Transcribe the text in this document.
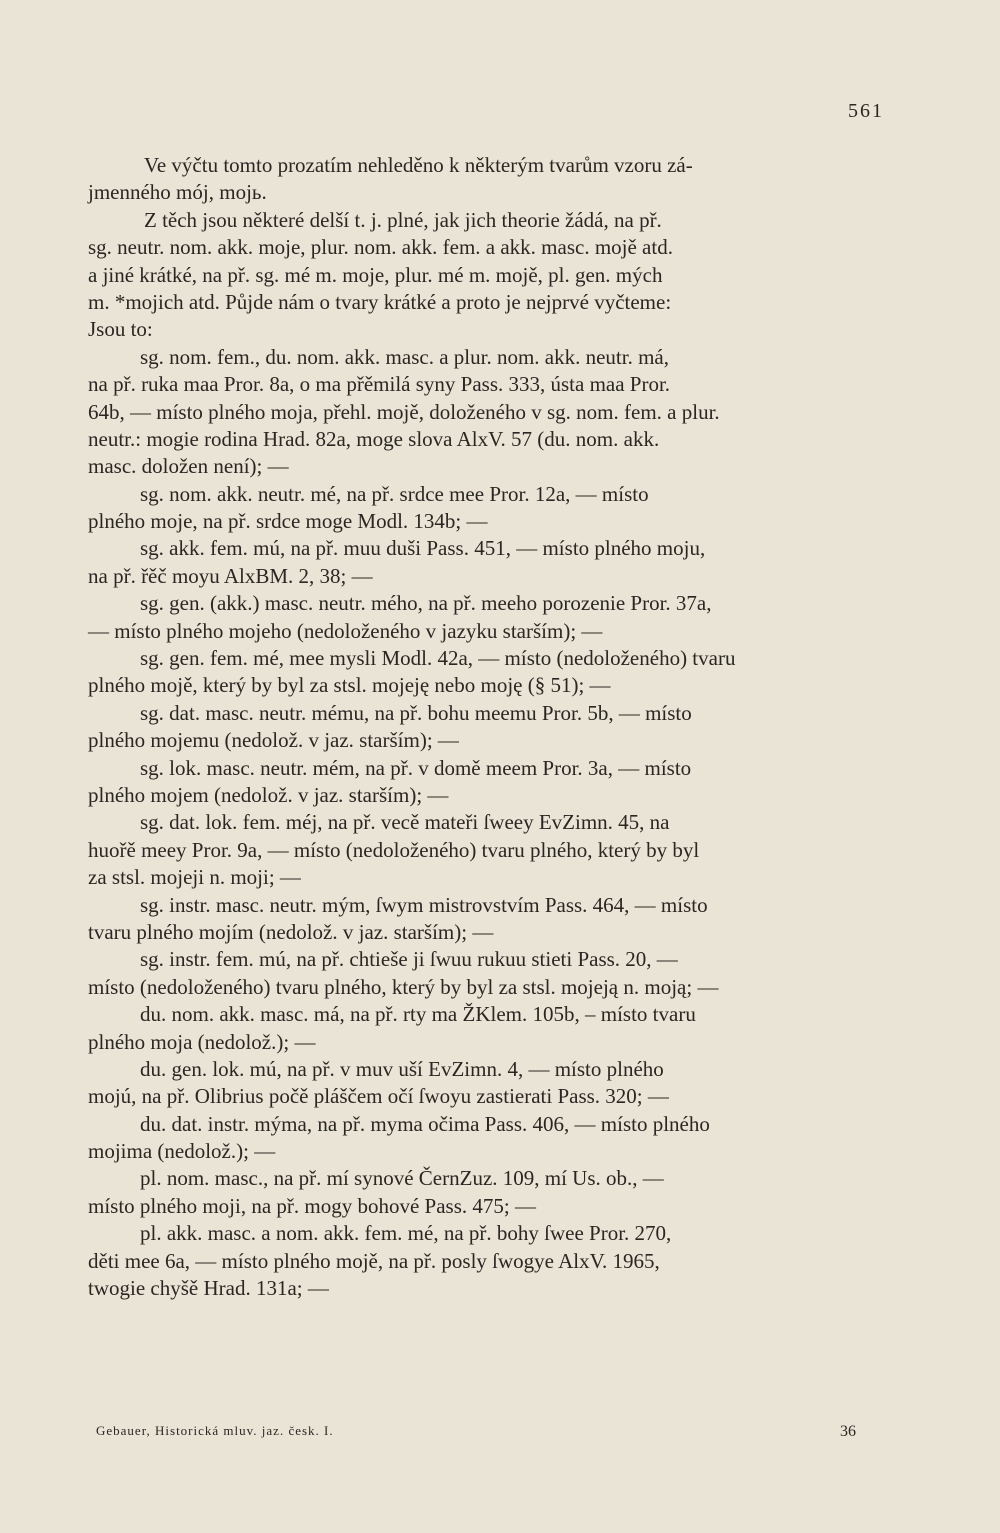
561
Ve výčtu tomto prozatím nehleděno k některým tvarům vzoru zá-
jmenného mój, mojь.
Z těch jsou některé delší t. j. plné, jak jich theorie žádá, na př.
sg. neutr. nom. akk. moje, plur. nom. akk. fem. a akk. masc. mojě atd.
a jiné krátké, na př. sg. mé m. moje, plur. mé m. mojě, pl. gen. mých
m. *mojich atd. Půjde nám o tvary krátké a proto je nejprvé vyčteme:
Jsou to:
sg. nom. fem., du. nom. akk. masc. a plur. nom. akk. neutr. má,
na př. ruka maa Pror. 8a, o ma přěmilá syny Pass. 333, ústa maa Pror.
64b, — místo plného moja, přehl. mojě, doloženého v sg. nom. fem. a plur.
neutr.: mogie rodina Hrad. 82a, moge slova AlxV. 57 (du. nom. akk.
masc. doložen není); —
sg. nom. akk. neutr. mé, na př. srdce mee Pror. 12a, — místo
plného moje, na př. srdce moge Modl. 134b; —
sg. akk. fem. mú, na př. muu duši Pass. 451, — místo plného moju,
na př. řěč moyu AlxBM. 2, 38; —
sg. gen. (akk.) masc. neutr. mého, na př. meeho porozenie Pror. 37a,
— místo plného mojeho (nedoloženého v jazyku starším); —
sg. gen. fem. mé, mee mysli Modl. 42a, — místo (nedoloženého) tvaru
plného mojě, který by byl za stsl. mojeję nebo moję (§ 51); —
sg. dat. masc. neutr. mému, na př. bohu meemu Pror. 5b, — místo
plného mojemu (nedolož. v jaz. starším); —
sg. lok. masc. neutr. mém, na př. v domě meem Pror. 3a, — místo
plného mojem (nedolož. v jaz. starším); —
sg. dat. lok. fem. méj, na př. vecě mateři ſweey EvZimn. 45, na
huořě meey Pror. 9a, — místo (nedoloženého) tvaru plného, který by byl
za stsl. mojeji n. moji; —
sg. instr. masc. neutr. mým, ſwym mistrovstvím Pass. 464, — místo
tvaru plného mojím (nedolož. v jaz. starším); —
sg. instr. fem. mú, na př. chtieše ji ſwuu rukuu stieti Pass. 20, —
místo (nedoloženého) tvaru plného, který by byl za stsl. mojeją n. moją; —
du. nom. akk. masc. má, na př. rty ma ŽKlem. 105b, – místo tvaru
plného moja (nedolož.); —
du. gen. lok. mú, na př. v muv uší EvZimn. 4, — místo plného
mojú, na př. Olibrius počě pláščem očí ſwoyu zastierati Pass. 320; —
du. dat. instr. mýma, na př. myma očima Pass. 406, — místo plného
mojima (nedolož.); —
pl. nom. masc., na př. mí synové ČernZuz. 109, mí Us. ob., —
místo plného moji, na př. mogy bohové Pass. 475; —
pl. akk. masc. a nom. akk. fem. mé, na př. bohy ſwee Pror. 270,
děti mee 6a, — místo plného mojě, na př. posly ſwogye AlxV. 1965,
twogie chyšě Hrad. 131a; —
Gebauer, Historická mluv. jaz. česk. I.	36
